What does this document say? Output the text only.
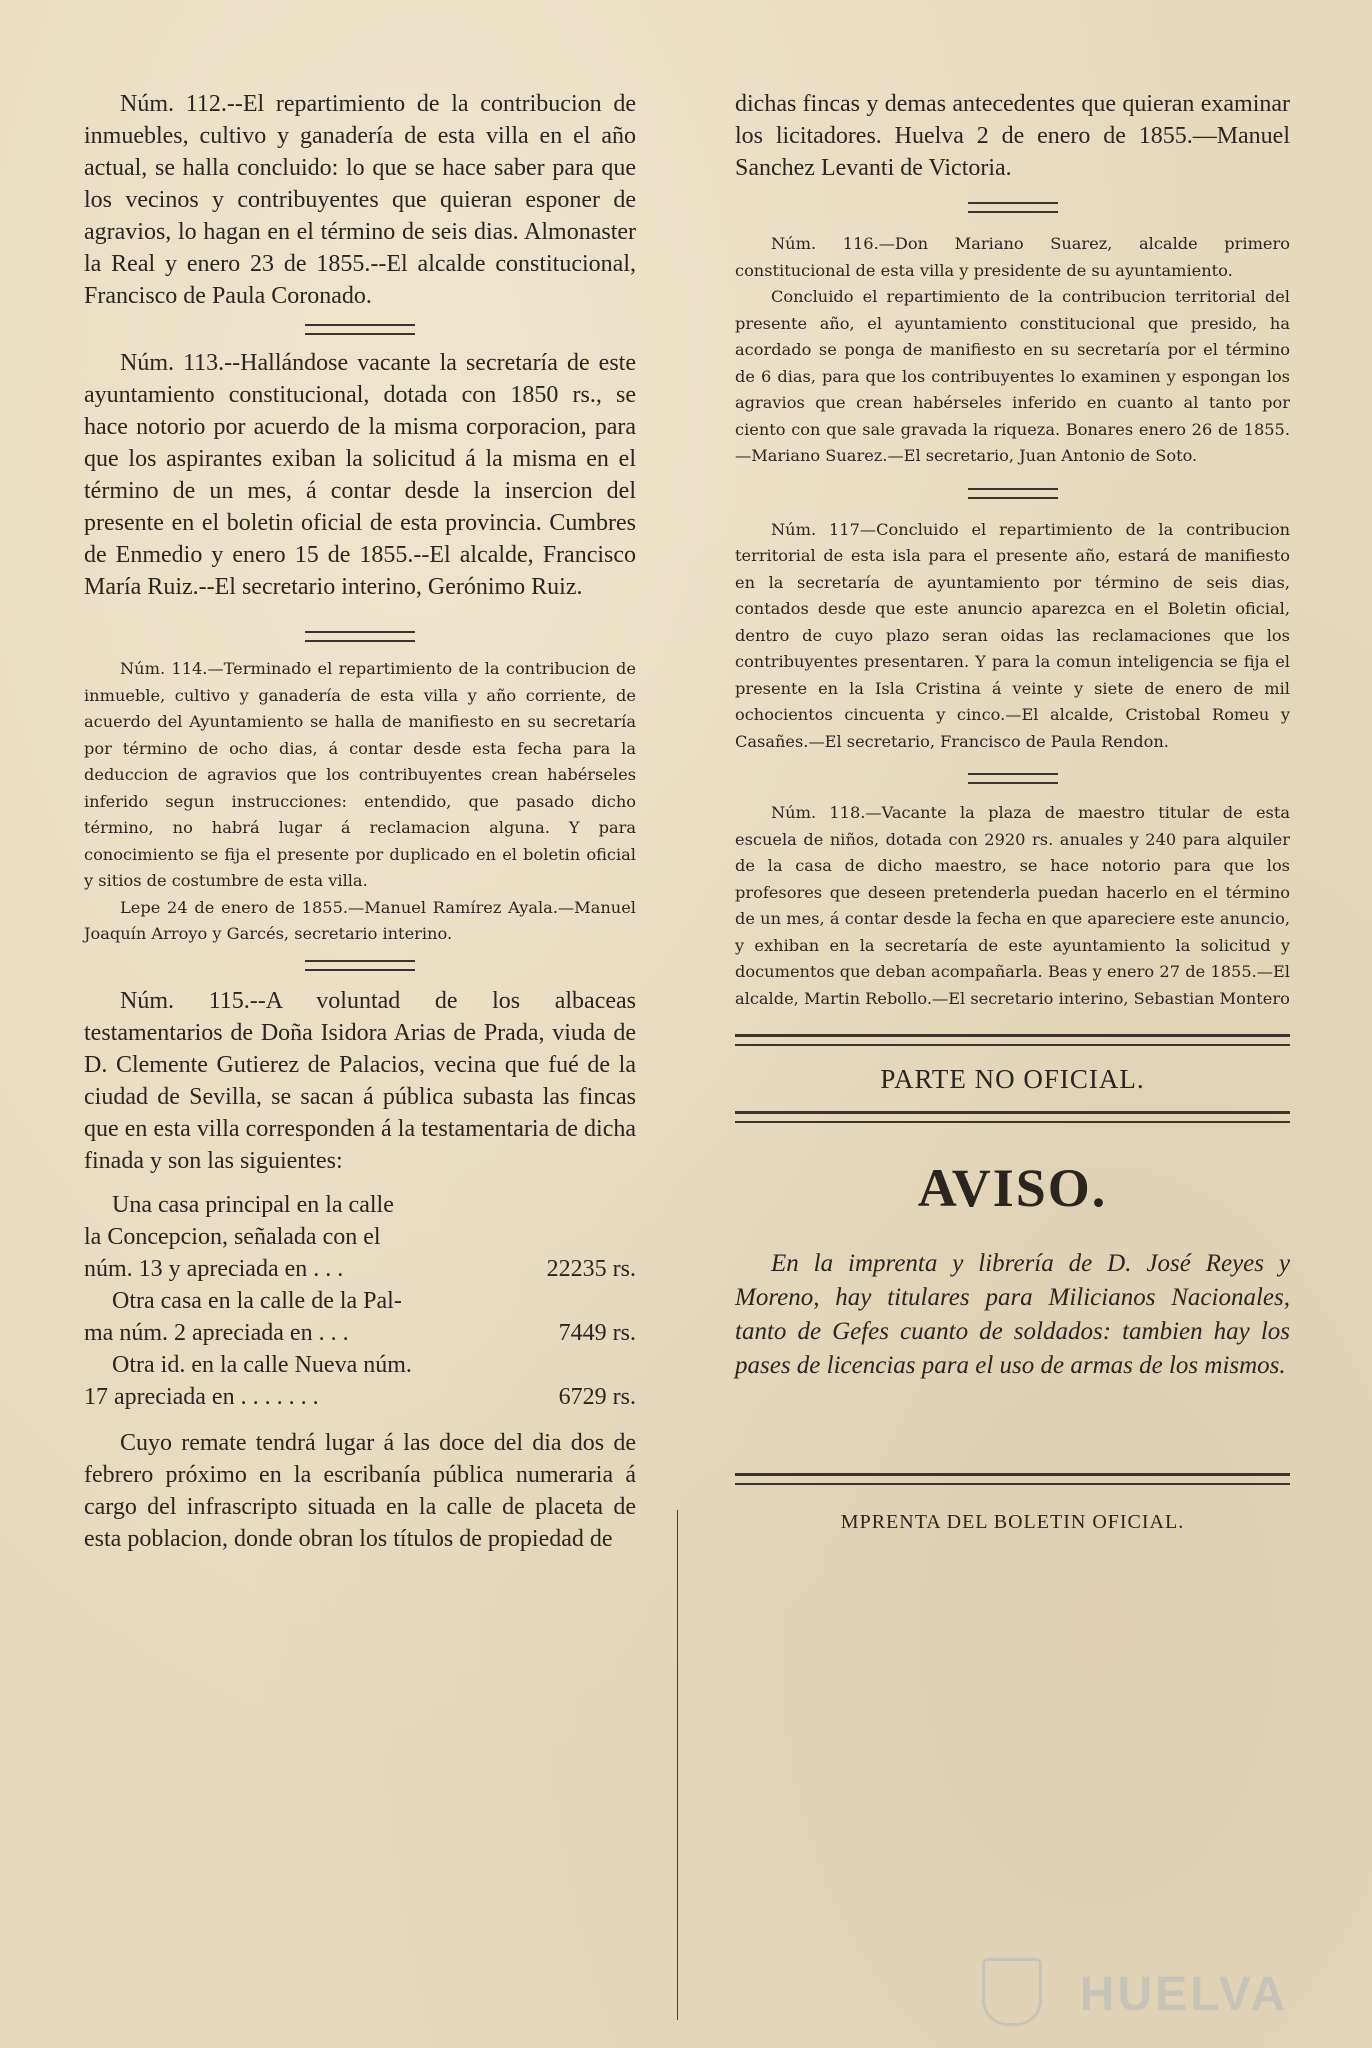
Núm. 112.--El repartimiento de la contribucion de inmuebles, cultivo y ganadería de esta villa en el año actual, se halla concluido: lo que se hace saber para que los vecinos y contribuyentes que quieran esponer de agravios, lo hagan en el término de seis dias. Almonaster la Real y enero 23 de 1855.--El alcalde constitucional, Francisco de Paula Coronado.

Núm. 113.--Hallándose vacante la secretaría de este ayuntamiento constitucional, dotada con 1850 rs., se hace notorio por acuerdo de la misma corporacion, para que los aspirantes exiban la solicitud á la misma en el término de un mes, á contar desde la insercion del presente en el boletin oficial de esta provincia. Cumbres de Enmedio y enero 15 de 1855.--El alcalde, Francisco María Ruiz.--El secretario interino, Gerónimo Ruiz.

Núm. 114.—Terminado el repartimiento de la contribucion de inmueble, cultivo y ganadería de esta villa y año corriente, de acuerdo del Ayuntamiento se halla de manifiesto en su secretaría por término de ocho dias, á contar desde esta fecha para la deduccion de agravios que los contribuyentes crean habérseles inferido segun instrucciones: entendido, que pasado dicho término, no habrá lugar á reclamacion alguna. Y para conocimiento se fija el presente por duplicado en el boletin oficial y sitios de costumbre de esta villa.

Lepe 24 de enero de 1855.—Manuel Ramírez Ayala.—Manuel Joaquín Arroyo y Garcés, secretario interino.

Núm. 115.--A voluntad de los albaceas testamentarios de Doña Isidora Arias de Prada, viuda de D. Clemente Gutierez de Palacios, vecina que fué de la ciudad de Sevilla, se sacan á pública subasta las fincas que en esta villa corresponden á la testamentaria de dicha finada y son las siguientes:

Una casa principal en la calle

la Concepcion, señalada con el

núm. 13 y apreciada en . . .	22235 rs.

Otra casa en la calle de la Pal-

ma núm. 2 apreciada en . . .	7449 rs.

Otra id. en la calle Nueva núm.

17 apreciada en . . . . . . .	6729 rs.

Cuyo remate tendrá lugar á las doce del dia dos de febrero próximo en la escribanía pública numeraria á cargo del infrascripto situada en la calle de placeta de esta poblacion, donde obran los títulos de propiedad de

dichas fincas y demas antecedentes que quieran examinar los licitadores. Huelva 2 de enero de 1855.—Manuel Sanchez Levanti de Victoria.

Núm. 116.—Don Mariano Suarez, alcalde primero constitucional de esta villa y presidente de su ayuntamiento.

Concluido el repartimiento de la contribucion territorial del presente año, el ayuntamiento constitucional que presido, ha acordado se ponga de manifiesto en su secretaría por el término de 6 dias, para que los contribuyentes lo examinen y espongan los agravios que crean habérseles inferido en cuanto al tanto por ciento con que sale gravada la riqueza. Bonares enero 26 de 1855.—Mariano Suarez.—El secretario, Juan Antonio de Soto.

Núm. 117—Concluido el repartimiento de la contribucion territorial de esta isla para el presente año, estará de manifiesto en la secretaría de ayuntamiento por término de seis dias, contados desde que este anuncio aparezca en el Boletin oficial, dentro de cuyo plazo seran oidas las reclamaciones que los contribuyentes presentaren. Y para la comun inteligencia se fija el presente en la Isla Cristina á veinte y siete de enero de mil ochocientos cincuenta y cinco.—El alcalde, Cristobal Romeu y Casañes.—El secretario, Francisco de Paula Rendon.

Núm. 118.—Vacante la plaza de maestro titular de esta escuela de niños, dotada con 2920 rs. anuales y 240 para alquiler de la casa de dicho maestro, se hace notorio para que los profesores que deseen pretenderla puedan hacerlo en el término de un mes, á contar desde la fecha en que apareciere este anuncio, y exhiban en la secretaría de este ayuntamiento la solicitud y documentos que deban acompañarla. Beas y enero 27 de 1855.—El alcalde, Martin Rebollo.—El secretario interino, Sebastian Montero

PARTE NO OFICIAL.
AVISO.

En la imprenta y librería de D. José Reyes y Moreno, hay titulares para Milicianos Nacionales, tanto de Gefes cuanto de soldados: tambien hay los pases de licencias para el uso de armas de los mismos.

MPRENTA DEL BOLETIN OFICIAL.
HUELVA
